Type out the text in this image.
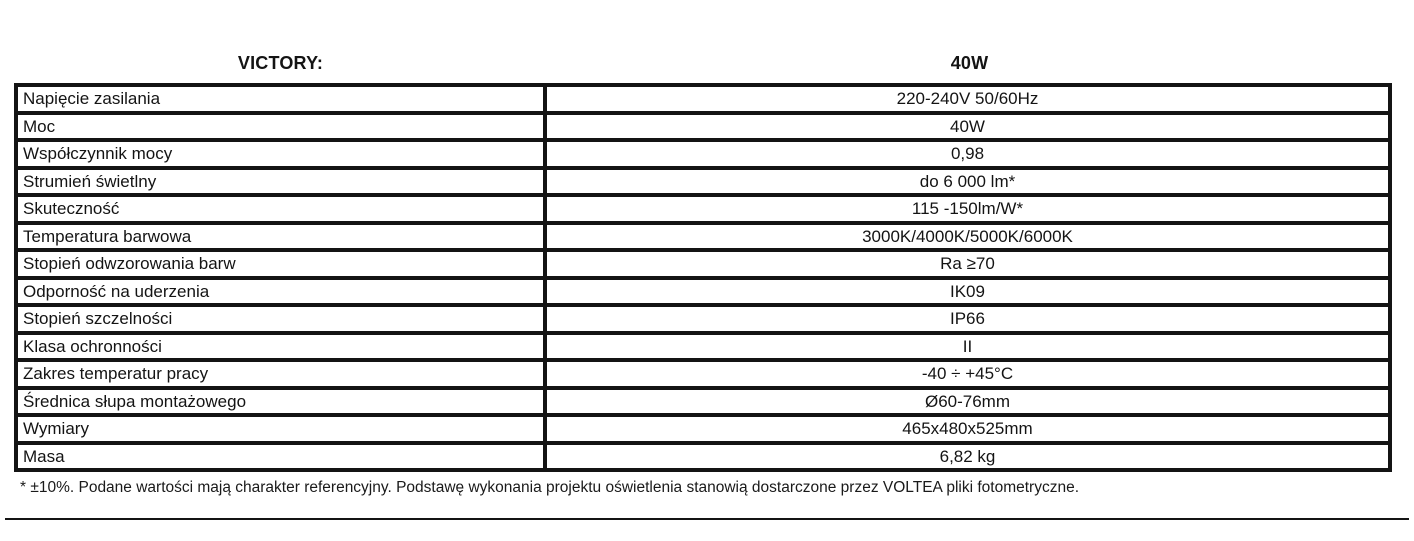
VICTORY:	40W
Napięcie zasilania	220-240V 50/60Hz
Moc	40W
Współczynnik mocy	0,98
Strumień świetlny	do 6 000 lm*
Skuteczność	115 -150lm/W*
Temperatura barwowa	3000K/4000K/5000K/6000K
Stopień odwzorowania barw	Ra ≥70
Odporność na uderzenia	IK09
Stopień szczelności	IP66
Klasa ochronności	II
Zakres temperatur pracy	-40 ÷ +45°C
Średnica słupa montażowego	Ø60-76mm
Wymiary	465x480x525mm
Masa	6,82 kg
* ±10%. Podane wartości mają charakter referencyjny. Podstawę wykonania projektu oświetlenia stanowią dostarczone przez VOLTEA pliki fotometryczne.
